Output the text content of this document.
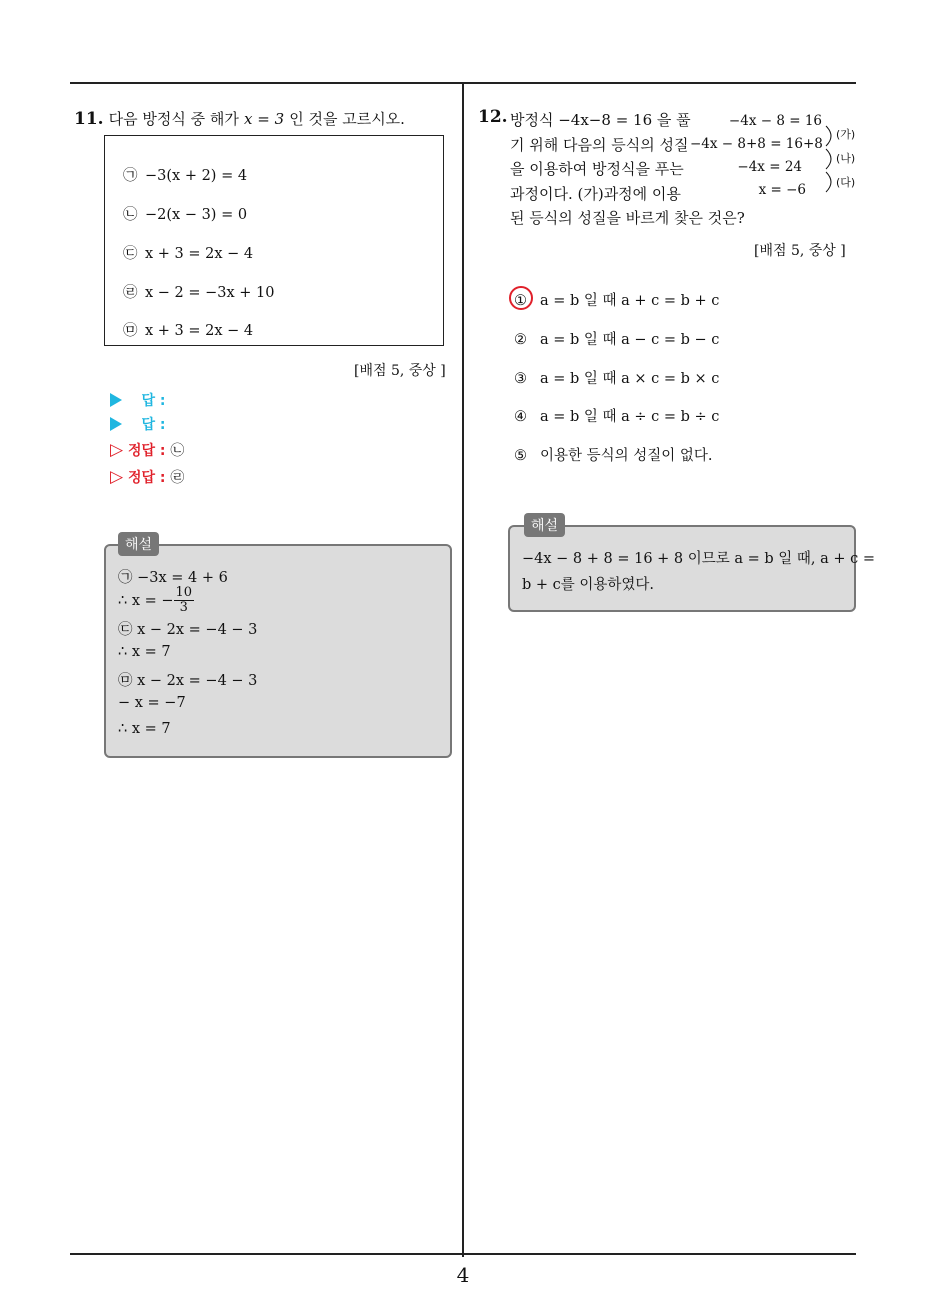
4
11. 다음 방정식 중 해가 x = 3 인 것을 고르시오.
㉠ −3(x + 2) = 4
㉡ −2(x − 3) = 0
㉢ x + 3 = 2x − 4
㉣ x − 2 = −3x + 10
㉤ x + 3 = 2x − 4
[배점 5, 중상 ]
답 :
답 :
▷ 정답 : ㉡
▷ 정답 : ㉣
㉠ −3x = 4 + 6
∴ x = − $\frac{10}{3}$
㉢ x − 2x = −4 − 3
∴ x = 7
㉤ x − 2x = −4 − 3
− x = −7
∴ x = 7
해설
12. 방정식 −4x−8 = 16 을 풀
기 위해 다음의 등식의 성질
을 이용하여 방정식을 푸는
과정이다. (가)과정에 이용
된 등식의 성질을 바르게 찾은 것은?
−4x − 8 = 16
−4x − 8+8 = 16+8
−4x = 24
x = −6
(가)
(나)
(다)
[배점 5, 중상 ]
① a = b 일 때 a + c = b + c
② a = b 일 때 a − c = b − c
③ a = b 일 때 a × c = b × c
④ a = b 일 때 a ÷ c = b ÷ c
⑤ 이용한 등식의 성질이 없다.
−4x − 8 + 8 = 16 + 8 이므로 a = b 일 때, a + c =
b + c를 이용하였다.
해설
